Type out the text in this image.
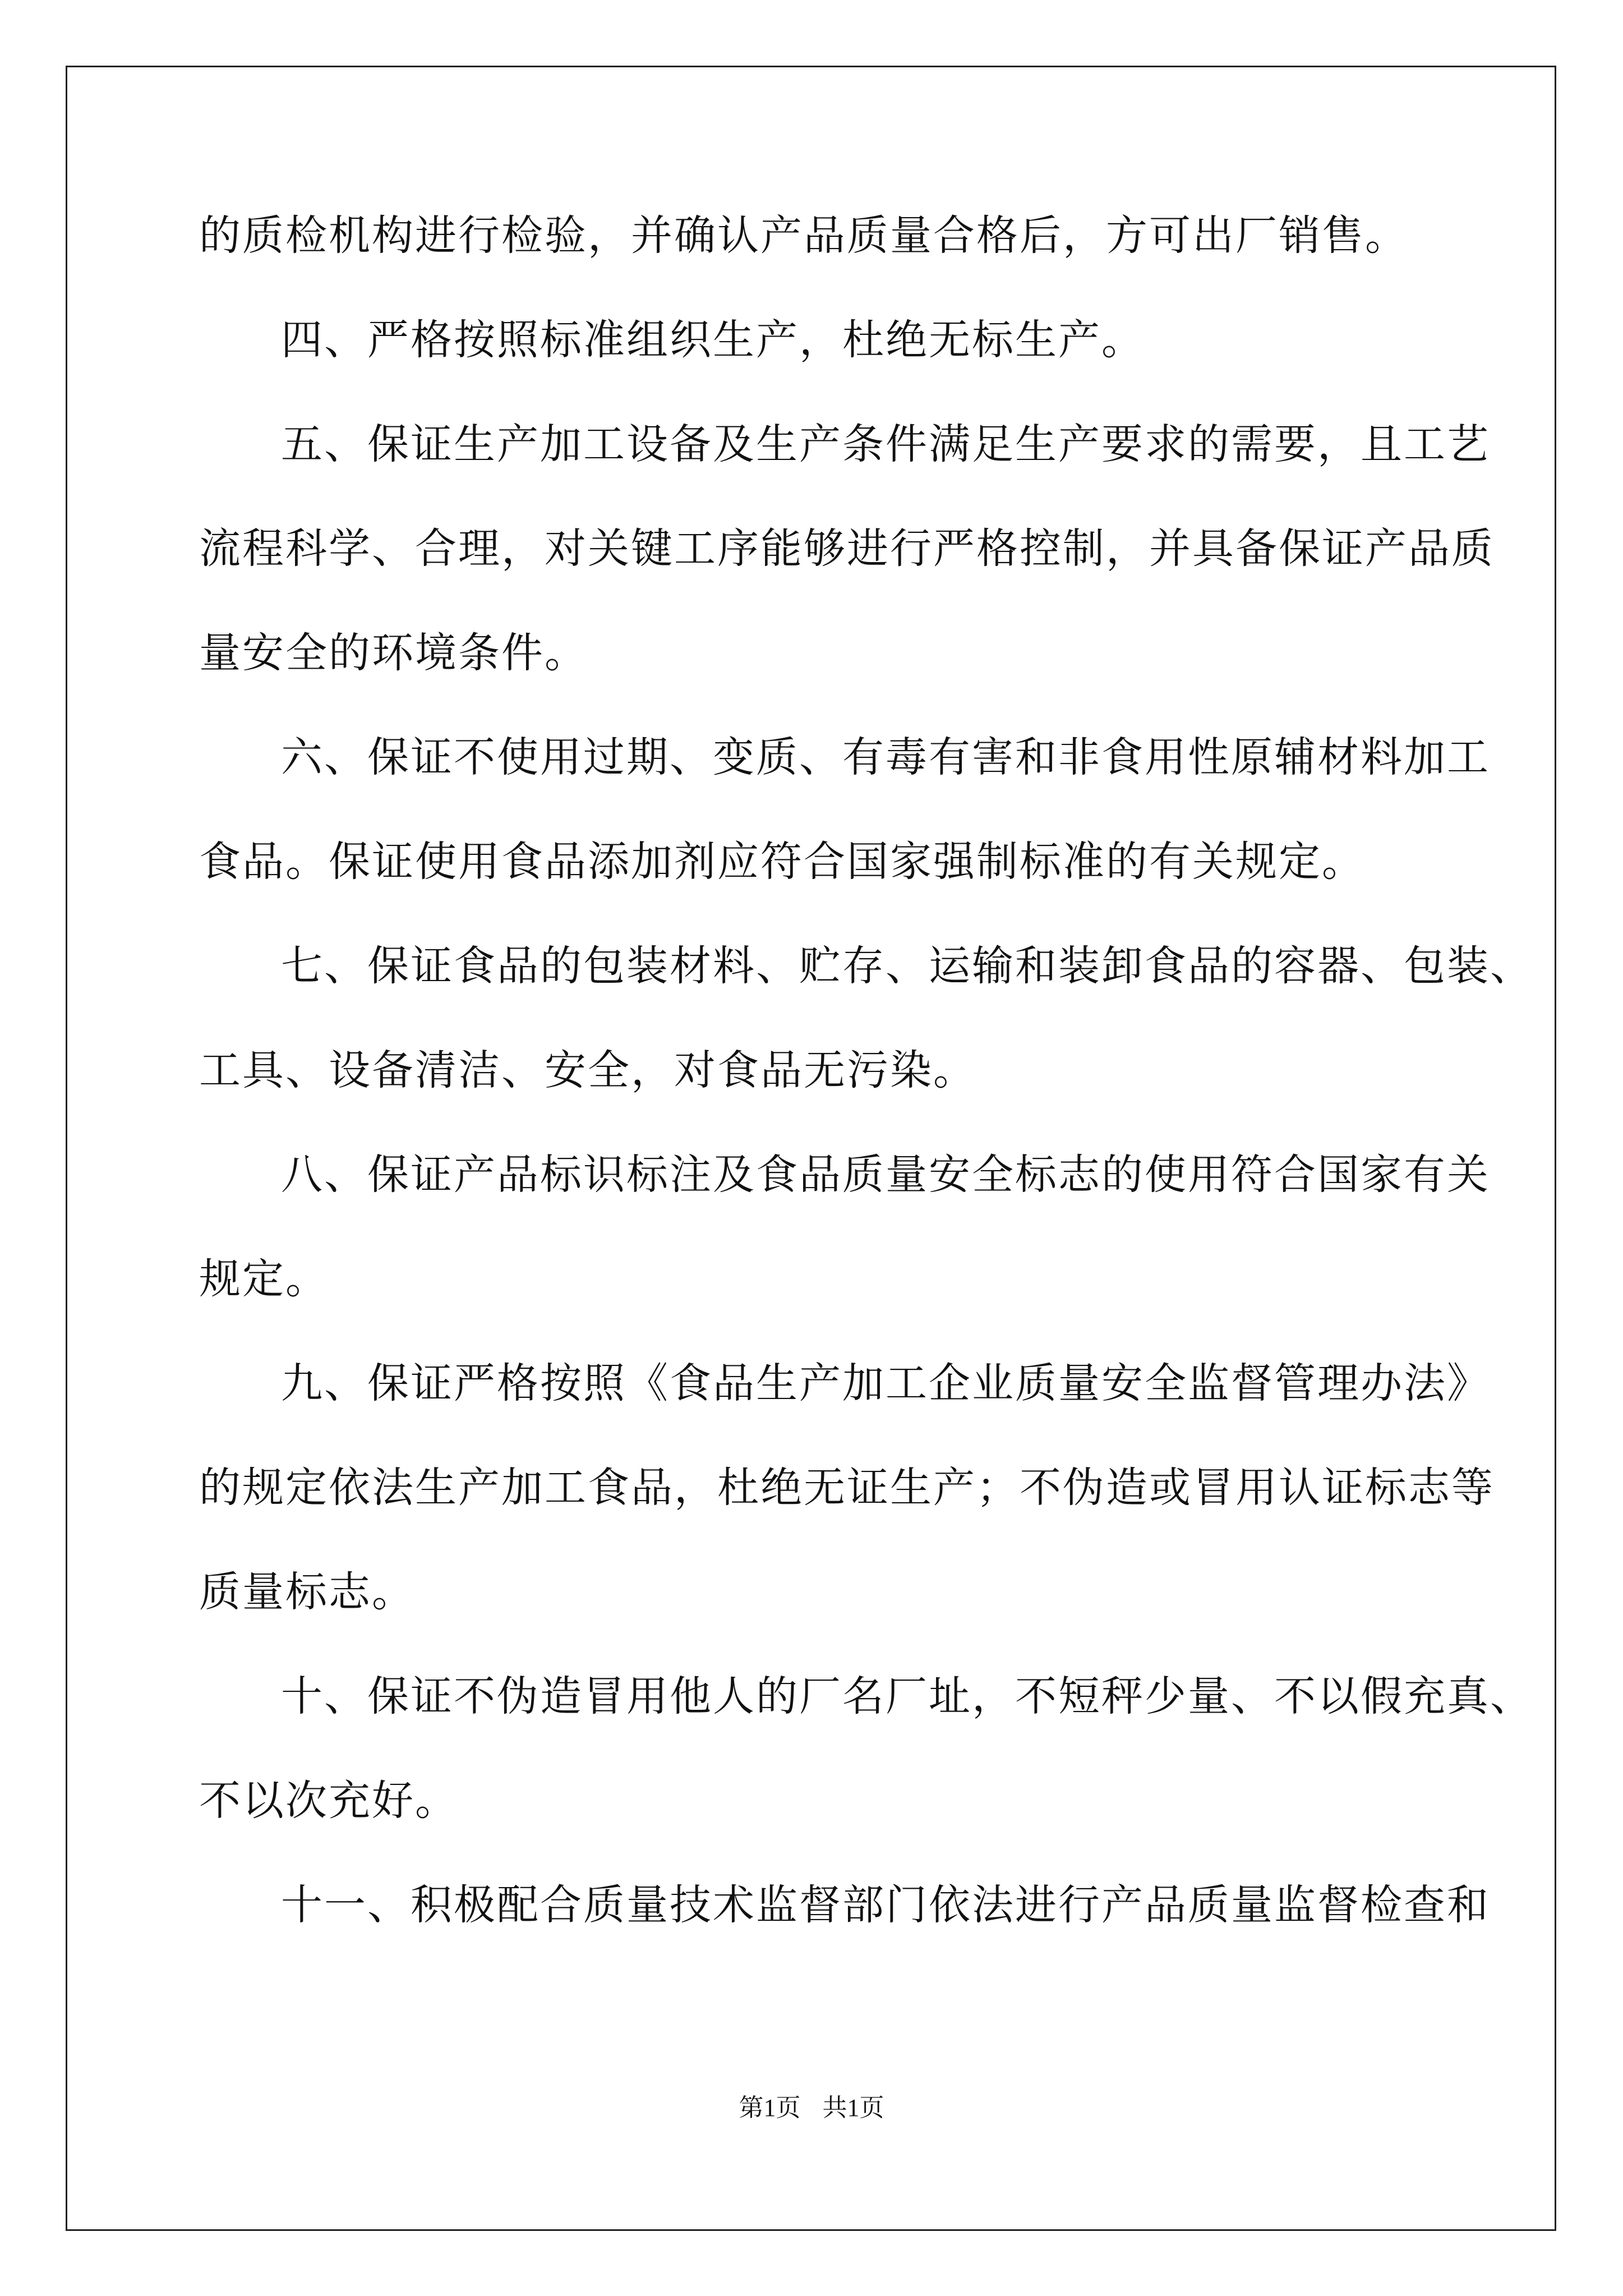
的质检机构进行检验，并确认产品质量合格后，方可出厂销售。
四、严格按照标准组织生产，杜绝无标生产。
五、保证生产加工设备及生产条件满足生产要求的需要，且工艺
流程科学、合理，对关键工序能够进行严格控制，并具备保证产品质
量安全的环境条件。
六、保证不使用过期、变质、有毒有害和非食用性原辅材料加工
食品。保证使用食品添加剂应符合国家强制标准的有关规定。
七、保证食品的包装材料、贮存、运输和装卸食品的容器、包装、
工具、设备清洁、安全，对食品无污染。
八、保证产品标识标注及食品质量安全标志的使用符合国家有关
规定。
九、保证严格按照《食品生产加工企业质量安全监督管理办法》
的规定依法生产加工食品，杜绝无证生产；不伪造或冒用认证标志等
质量标志。
十、保证不伪造冒用他人的厂名厂址，不短秤少量、不以假充真、
不以次充好。
十一、积极配合质量技术监督部门依法进行产品质量监督检查和
第1页 共1页
